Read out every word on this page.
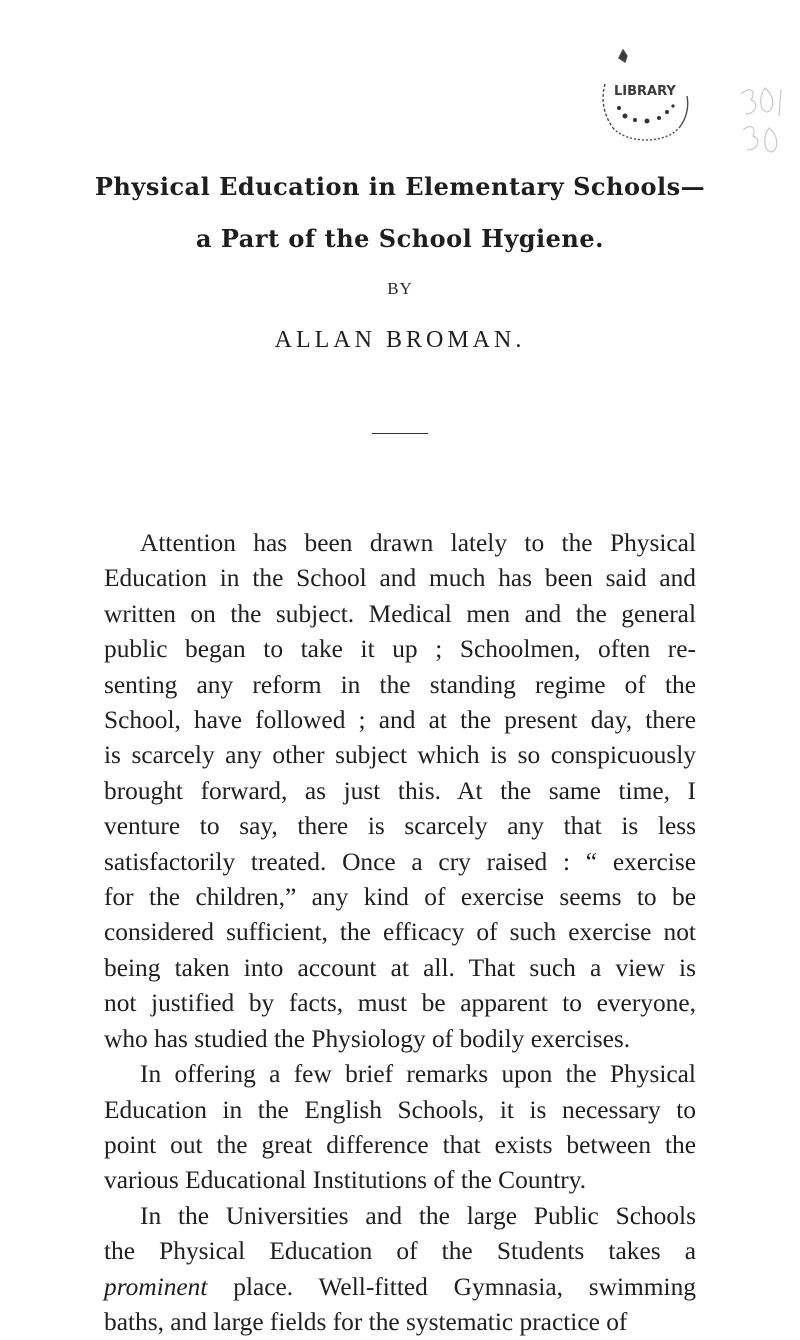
LIBRARY
Physical Education in Elementary Schools—
a Part of the School Hygiene.
BY
ALLAN BROMAN.
Attention has been drawn lately to the Physical
Education in the School and much has been said and
written on the subject. Medical men and the general
public began to take it up ; Schoolmen, often re-
senting any reform in the standing regime of the
School, have followed ; and at the present day, there
is scarcely any other subject which is so conspicuously
brought forward, as just this. At the same time, I
venture to say, there is scarcely any that is less
satisfactorily treated. Once a cry raised : “ exercise
for the children,” any kind of exercise seems to be
considered sufficient, the efficacy of such exercise not
being taken into account at all. That such a view is
not justified by facts, must be apparent to everyone,
who has studied the Physiology of bodily exercises.
In offering a few brief remarks upon the Physical
Education in the English Schools, it is necessary to
point out the great difference that exists between the
various Educational Institutions of the Country.
In the Universities and the large Public Schools
the Physical Education of the Students takes a
prominent place. Well-fitted Gymnasia, swimming
baths, and large fields for the systematic practice of
